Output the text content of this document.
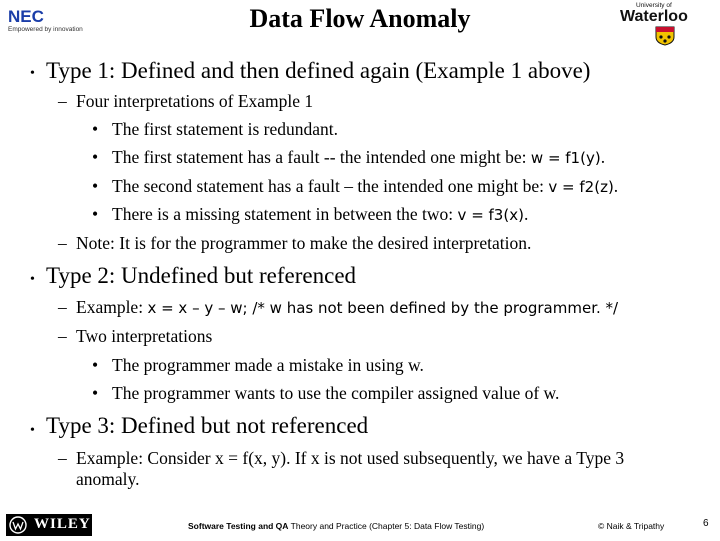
Data Flow Anomaly
NEC
Empowered by innovation
University of
Waterloo
• Type 1: Defined and then defined again (Example 1 above)
– Four interpretations of Example 1
• The first statement is redundant.
• The first statement has a fault -- the intended one might be: w = f1(y).
• The second statement has a fault – the intended one might be: v = f2(z).
• There is a missing statement in between the two: v = f3(x).
– Note: It is for the programmer to make the desired interpretation.
• Type 2: Undefined but referenced
– Example: x = x – y – w; /* w has not been defined by the programmer. */
– Two interpretations
• The programmer made a mistake in using w.
• The programmer wants to use the compiler assigned value of w.
• Type 3: Defined but not referenced
– Example: Consider x = f(x, y). If x is not used subsequently, we have a Type 3
anomaly.
WILEY	Software Testing and QA Theory and Practice (Chapter 5: Data Flow Testing)	© Naik & Tripathy	6
